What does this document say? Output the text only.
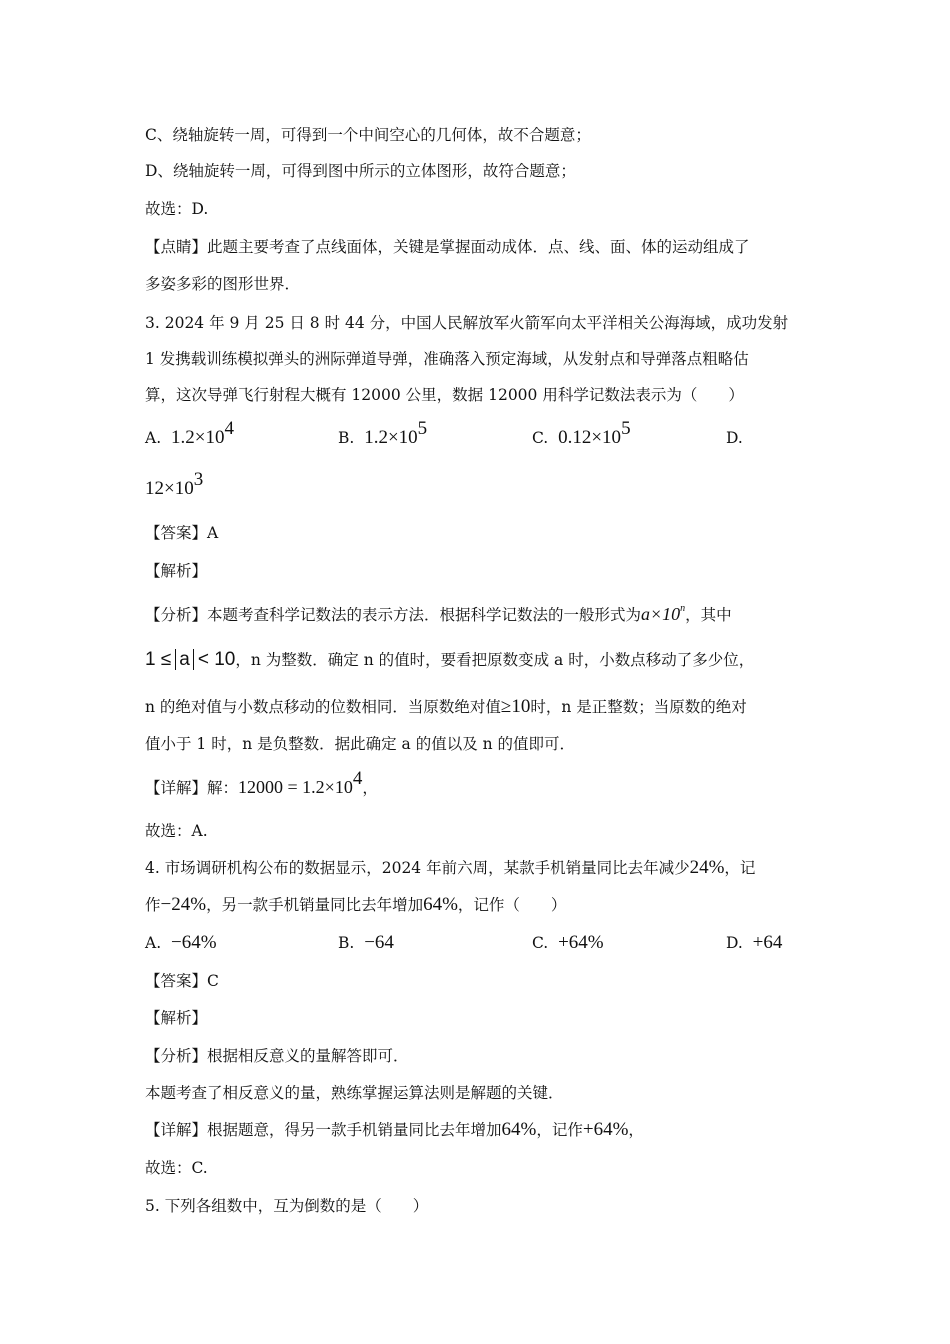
C、绕轴旋转一周，可得到一个中间空心的几何体，故不合题意；
D、绕轴旋转一周，可得到图中所示的立体图形，故符合题意；
故选：D.
【点睛】此题主要考查了点线面体，关键是掌握面动成体．点、线、面、体的运动组成了
多姿多彩的图形世界．
3. 2024 年 9 月 25 日 8 时 44 分，中国人民解放军火箭军向太平洋相关公海海域，成功发射
1 发携载训练模拟弹头的洲际弹道导弹，准确落入预定海域，从发射点和导弹落点粗略估
算，这次导弹飞行射程大概有 12000 公里，数据 12000 用科学记数法表示为（　　）
A. $1.2\times 10^4$	B. $1.2\times 10^5$	C. $0.12\times 10^5$	D.
$12\times 10^3$
【答案】A
【解析】
【分析】本题考查科学记数法的表示方法．根据科学记数法的一般形式为$a\times 10^n$，其中
1 ≤ a < 10，n 为整数．确定 n 的值时，要看把原数变成 a 时，小数点移动了多少位，
n 的绝对值与小数点移动的位数相同．当原数绝对值≥10时，n 是正整数；当原数的绝对
值小于 1 时，n 是负整数．据此确定 a 的值以及 n 的值即可．
【详解】解：$12000 = 1.2\times 10^4$，
故选：A.
4. 市场调研机构公布的数据显示，2024 年前六周，某款手机销量同比去年减少24%，记
作−24%，另一款手机销量同比去年增加64%，记作（　　）
A. −64%	B. −64	C. +64%	D. +64
【答案】C
【解析】
【分析】根据相反意义的量解答即可．
本题考查了相反意义的量，熟练掌握运算法则是解题的关键．
【详解】根据题意，得另一款手机销量同比去年增加64%，记作+64%，
故选：C.
5. 下列各组数中，互为倒数的是（　　）
